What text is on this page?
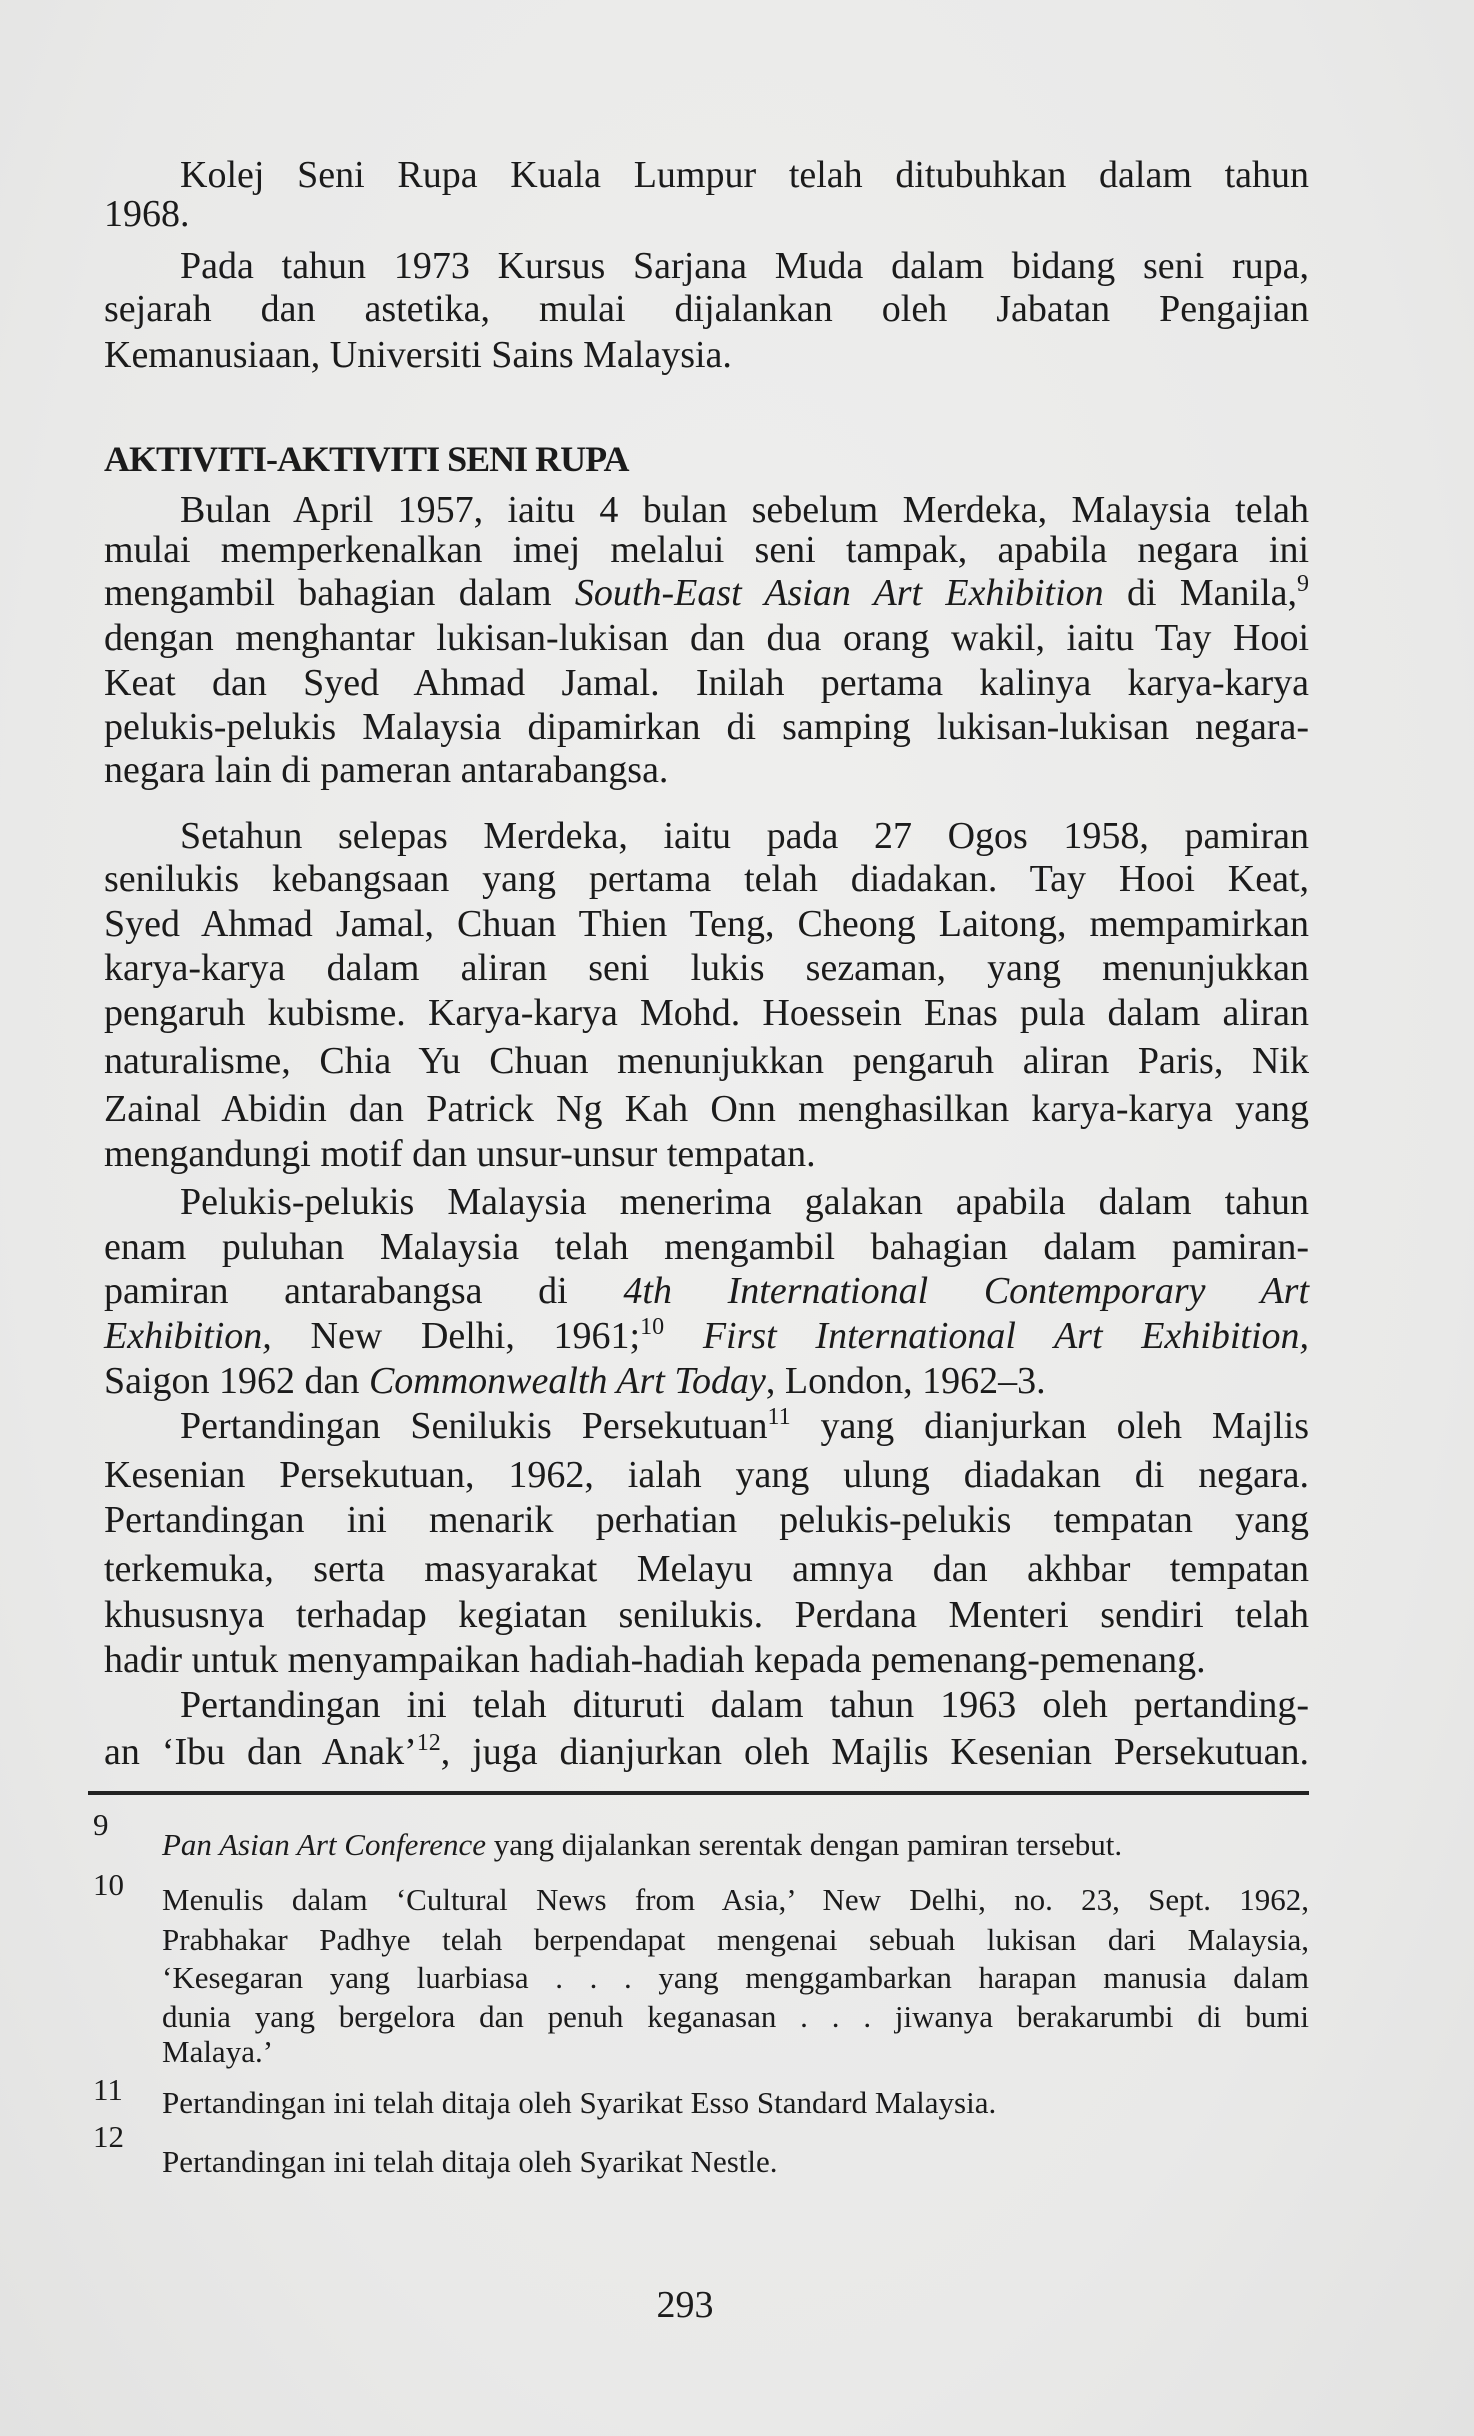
Kolej Seni Rupa Kuala Lumpur telah ditubuhkan dalam tahun
1968.
Pada tahun 1973 Kursus Sarjana Muda dalam bidang seni rupa,
sejarah dan astetika, mulai dijalankan oleh Jabatan Pengajian
Kemanusiaan, Universiti Sains Malaysia.
AKTIVITI-AKTIVITI SENI RUPA
Bulan April 1957, iaitu 4 bulan sebelum Merdeka, Malaysia telah
mulai memperkenalkan imej melalui seni tampak, apabila negara ini
mengambil bahagian dalam South-East Asian Art Exhibition di Manila,$^9$
dengan menghantar lukisan-lukisan dan dua orang wakil, iaitu Tay Hooi
Keat dan Syed Ahmad Jamal. Inilah pertama kalinya karya-karya
pelukis-pelukis Malaysia dipamirkan di samping lukisan-lukisan negara-
negara lain di pameran antarabangsa.
Setahun selepas Merdeka, iaitu pada 27 Ogos 1958, pamiran
senilukis kebangsaan yang pertama telah diadakan. Tay Hooi Keat,
Syed Ahmad Jamal, Chuan Thien Teng, Cheong Laitong, mempamirkan
karya-karya dalam aliran seni lukis sezaman, yang menunjukkan
pengaruh kubisme. Karya-karya Mohd. Hoessein Enas pula dalam aliran
naturalisme, Chia Yu Chuan menunjukkan pengaruh aliran Paris, Nik
Zainal Abidin dan Patrick Ng Kah Onn menghasilkan karya-karya yang
mengandungi motif dan unsur-unsur tempatan.
Pelukis-pelukis Malaysia menerima galakan apabila dalam tahun
enam puluhan Malaysia telah mengambil bahagian dalam pamiran-
pamiran antarabangsa di 4th International Contemporary Art
Exhibition, New Delhi, 1961;$^{10}$ First International Art Exhibition,
Saigon 1962 dan Commonwealth Art Today, London, 1962–3.
Pertandingan Senilukis Persekutuan$^{11}$ yang dianjurkan oleh Majlis
Kesenian Persekutuan, 1962, ialah yang ulung diadakan di negara.
Pertandingan ini menarik perhatian pelukis-pelukis tempatan yang
terkemuka, serta masyarakat Melayu amnya dan akhbar tempatan
khususnya terhadap kegiatan senilukis. Perdana Menteri sendiri telah
hadir untuk menyampaikan hadiah-hadiah kepada pemenang-pemenang.
Pertandingan ini telah dituruti dalam tahun 1963 oleh pertanding-
an ‘Ibu dan Anak’$^{12}$, juga dianjurkan oleh Majlis Kesenian Persekutuan.
9
Pan Asian Art Conference yang dijalankan serentak dengan pamiran tersebut.
10 Menulis dalam ‘Cultural News from Asia,’ New Delhi, no. 23, Sept. 1962,
Prabhakar Padhye telah berpendapat mengenai sebuah lukisan dari Malaysia,
‘Kesegaran yang luarbiasa . . . yang menggambarkan harapan manusia dalam
dunia yang bergelora dan penuh keganasan . . . jiwanya berakarumbi di bumi
Malaya.’
11 Pertandingan ini telah ditaja oleh Syarikat Esso Standard Malaysia.
12
Pertandingan ini telah ditaja oleh Syarikat Nestle.
293
